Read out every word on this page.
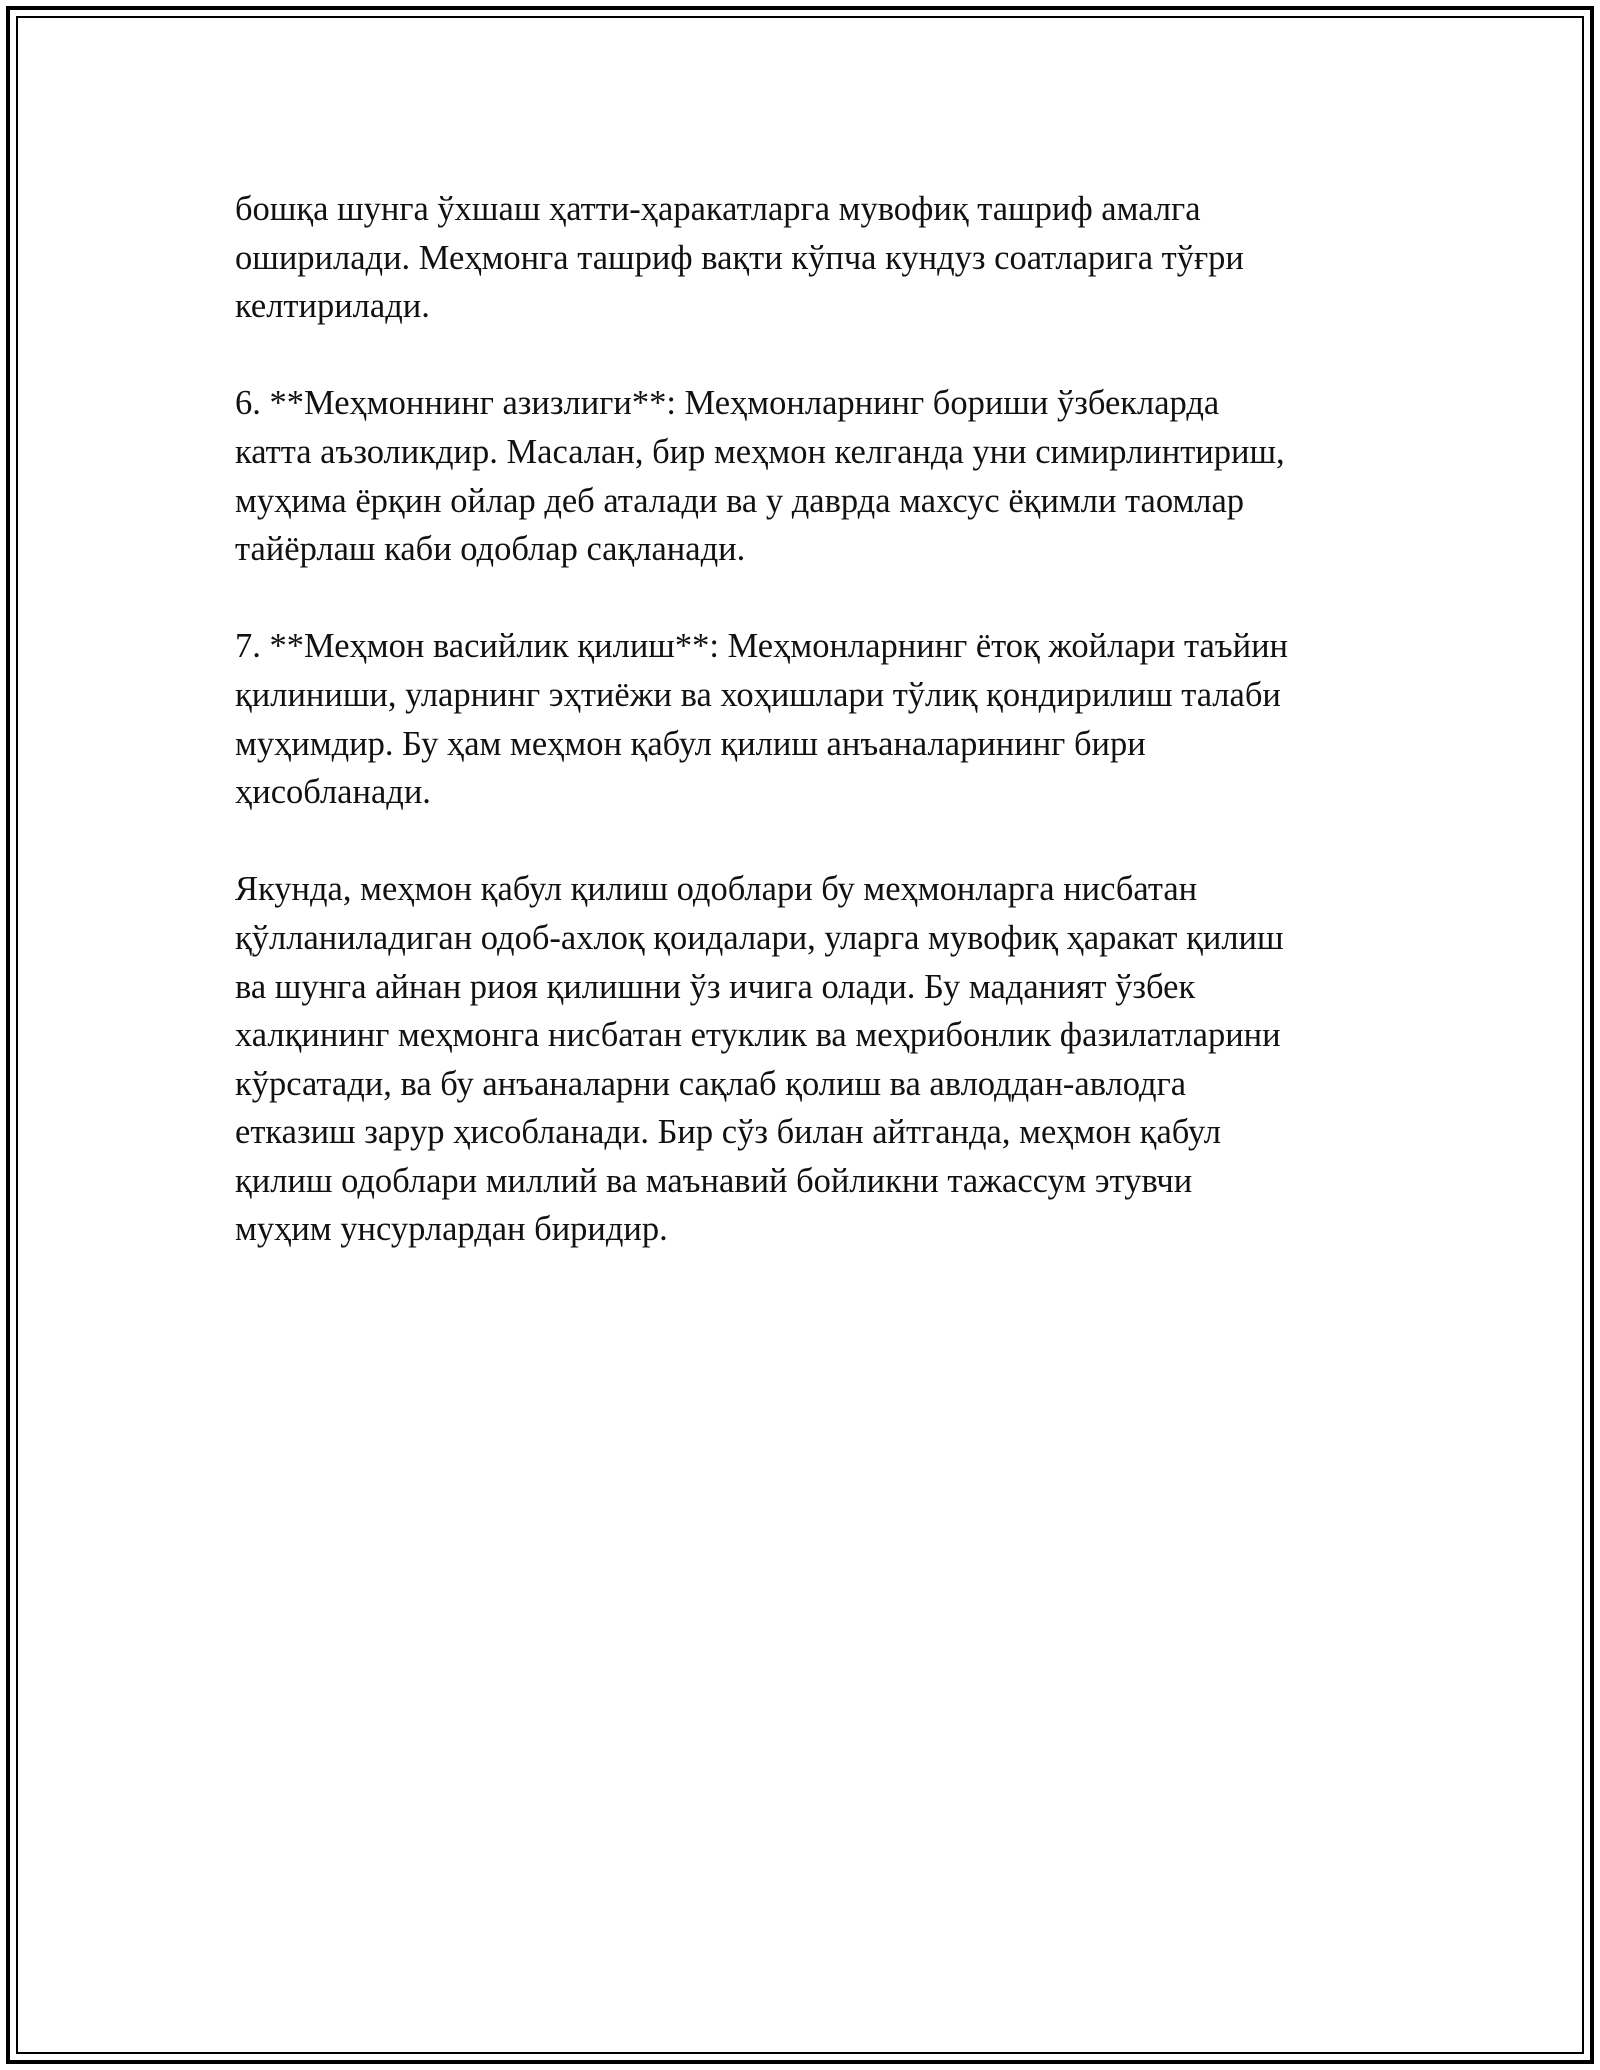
бошқа шунга ўхшаш ҳатти-ҳаракатларга мувофиқ ташриф амалга
оширилади. Меҳмонга ташриф вақти кўпча кундуз соатларига тўғри
келтирилади.

6. **Меҳмоннинг азизлиги**: Меҳмонларнинг бориши ўзбекларда
катта аъзоликдир. Масалан, бир меҳмон келганда уни симирлинтириш,
муҳима ёрқин ойлар деб аталади ва у даврда махсус ёқимли таомлар
тайёрлаш каби одоблар сақланади.

7. **Меҳмон васийлик қилиш**: Меҳмонларнинг ётоқ жойлари таъйин
қилиниши, уларнинг эҳтиёжи ва хоҳишлари тўлиқ қондирилиш талаби
муҳимдир. Бу ҳам меҳмон қабул қилиш анъаналарининг бири
ҳисобланади.

Якунда, меҳмон қабул қилиш одоблари бу меҳмонларга нисбатан
қўлланиладиган одоб-ахлоқ қоидалари, уларга мувофиқ ҳаракат қилиш
ва шунга айнан риоя қилишни ўз ичига олади. Бу маданият ўзбек
халқининг меҳмонга нисбатан етуклик ва меҳрибонлик фазилатларини
кўрсатади, ва бу анъаналарни сақлаб қолиш ва авлоддан-авлодга
етказиш зарур ҳисобланади. Бир сўз билан айтганда, меҳмон қабул
қилиш одоблари миллий ва маънавий бойликни тажассум этувчи
муҳим унсурлардан биридир.
